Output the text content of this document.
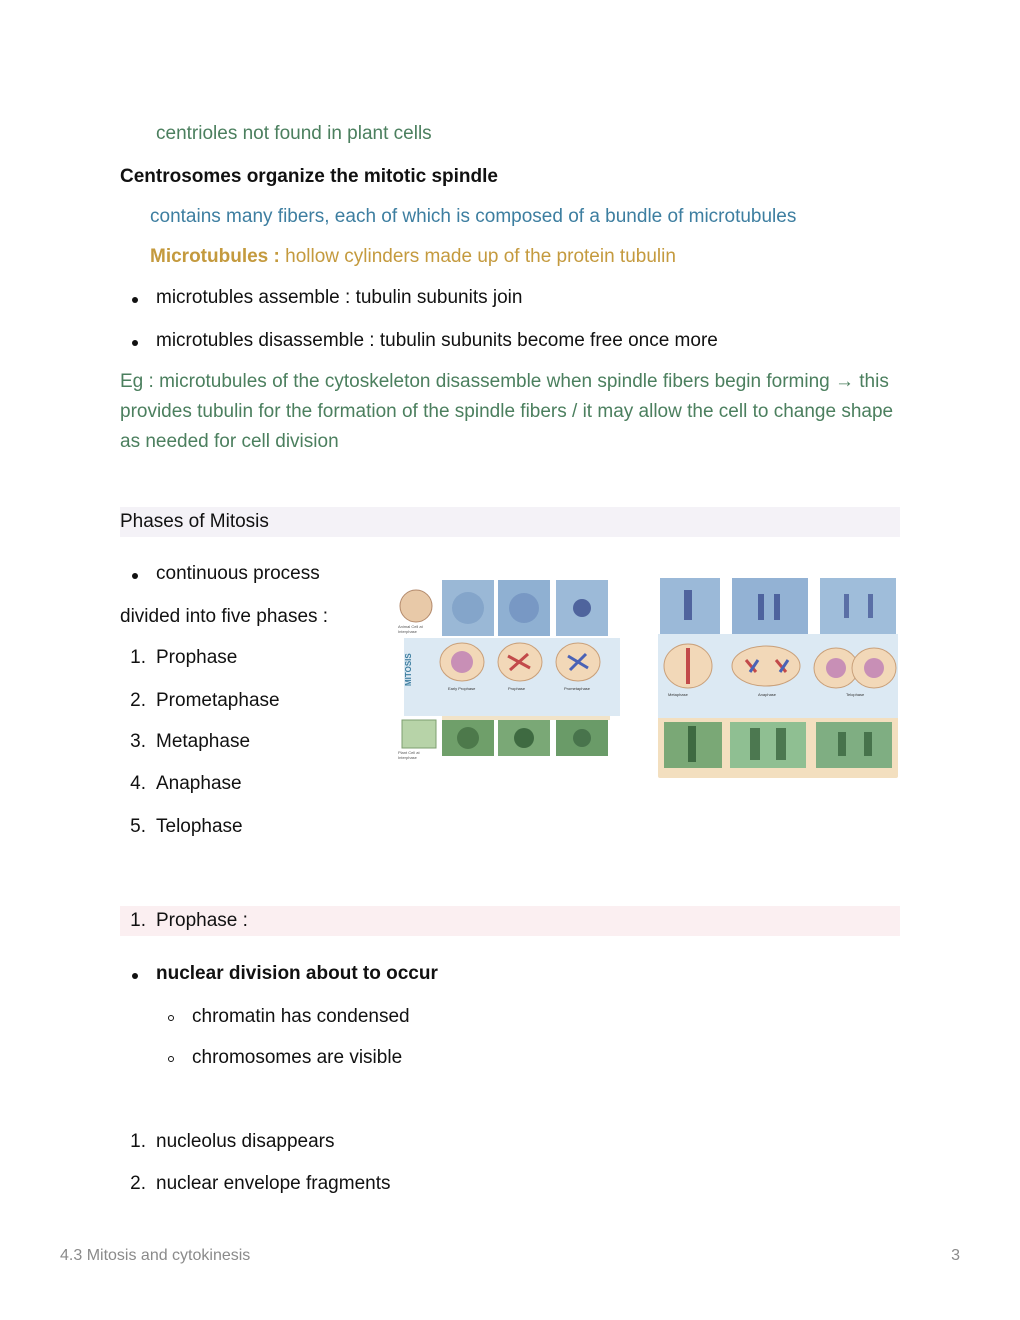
centrioles not found in plant cells
Centrosomes organize the mitotic spindle
contains many fibers, each of which is composed of a bundle of microtubules
Microtubules : hollow cylinders made up of the protein tubulin
microtubles assemble : tubulin subunits join
microtubles disassemble : tubulin subunits become free once more
Eg : microtubules of the cytoskeleton disassemble when spindle fibers begin forming → this provides tubulin for the formation of the spindle fibers / it may allow the cell to change shape as needed for cell division
Phases of Mitosis
continuous process
divided into five phases :
1. Prophase
2. Prometaphase
3. Metaphase
4. Anaphase
5. Telophase
MITOSIS
Animal Cell at Interphase
Plant Cell at Interphase
Early Prophase	Prophase	Prometaphase
Metaphase	Anaphase	Telophase
1. Prophase :
nuclear division about to occur
chromatin has condensed
chromosomes are visible
1. nucleolus disappears
2. nuclear envelope fragments
4.3 Mitosis and cytokinesis	3
